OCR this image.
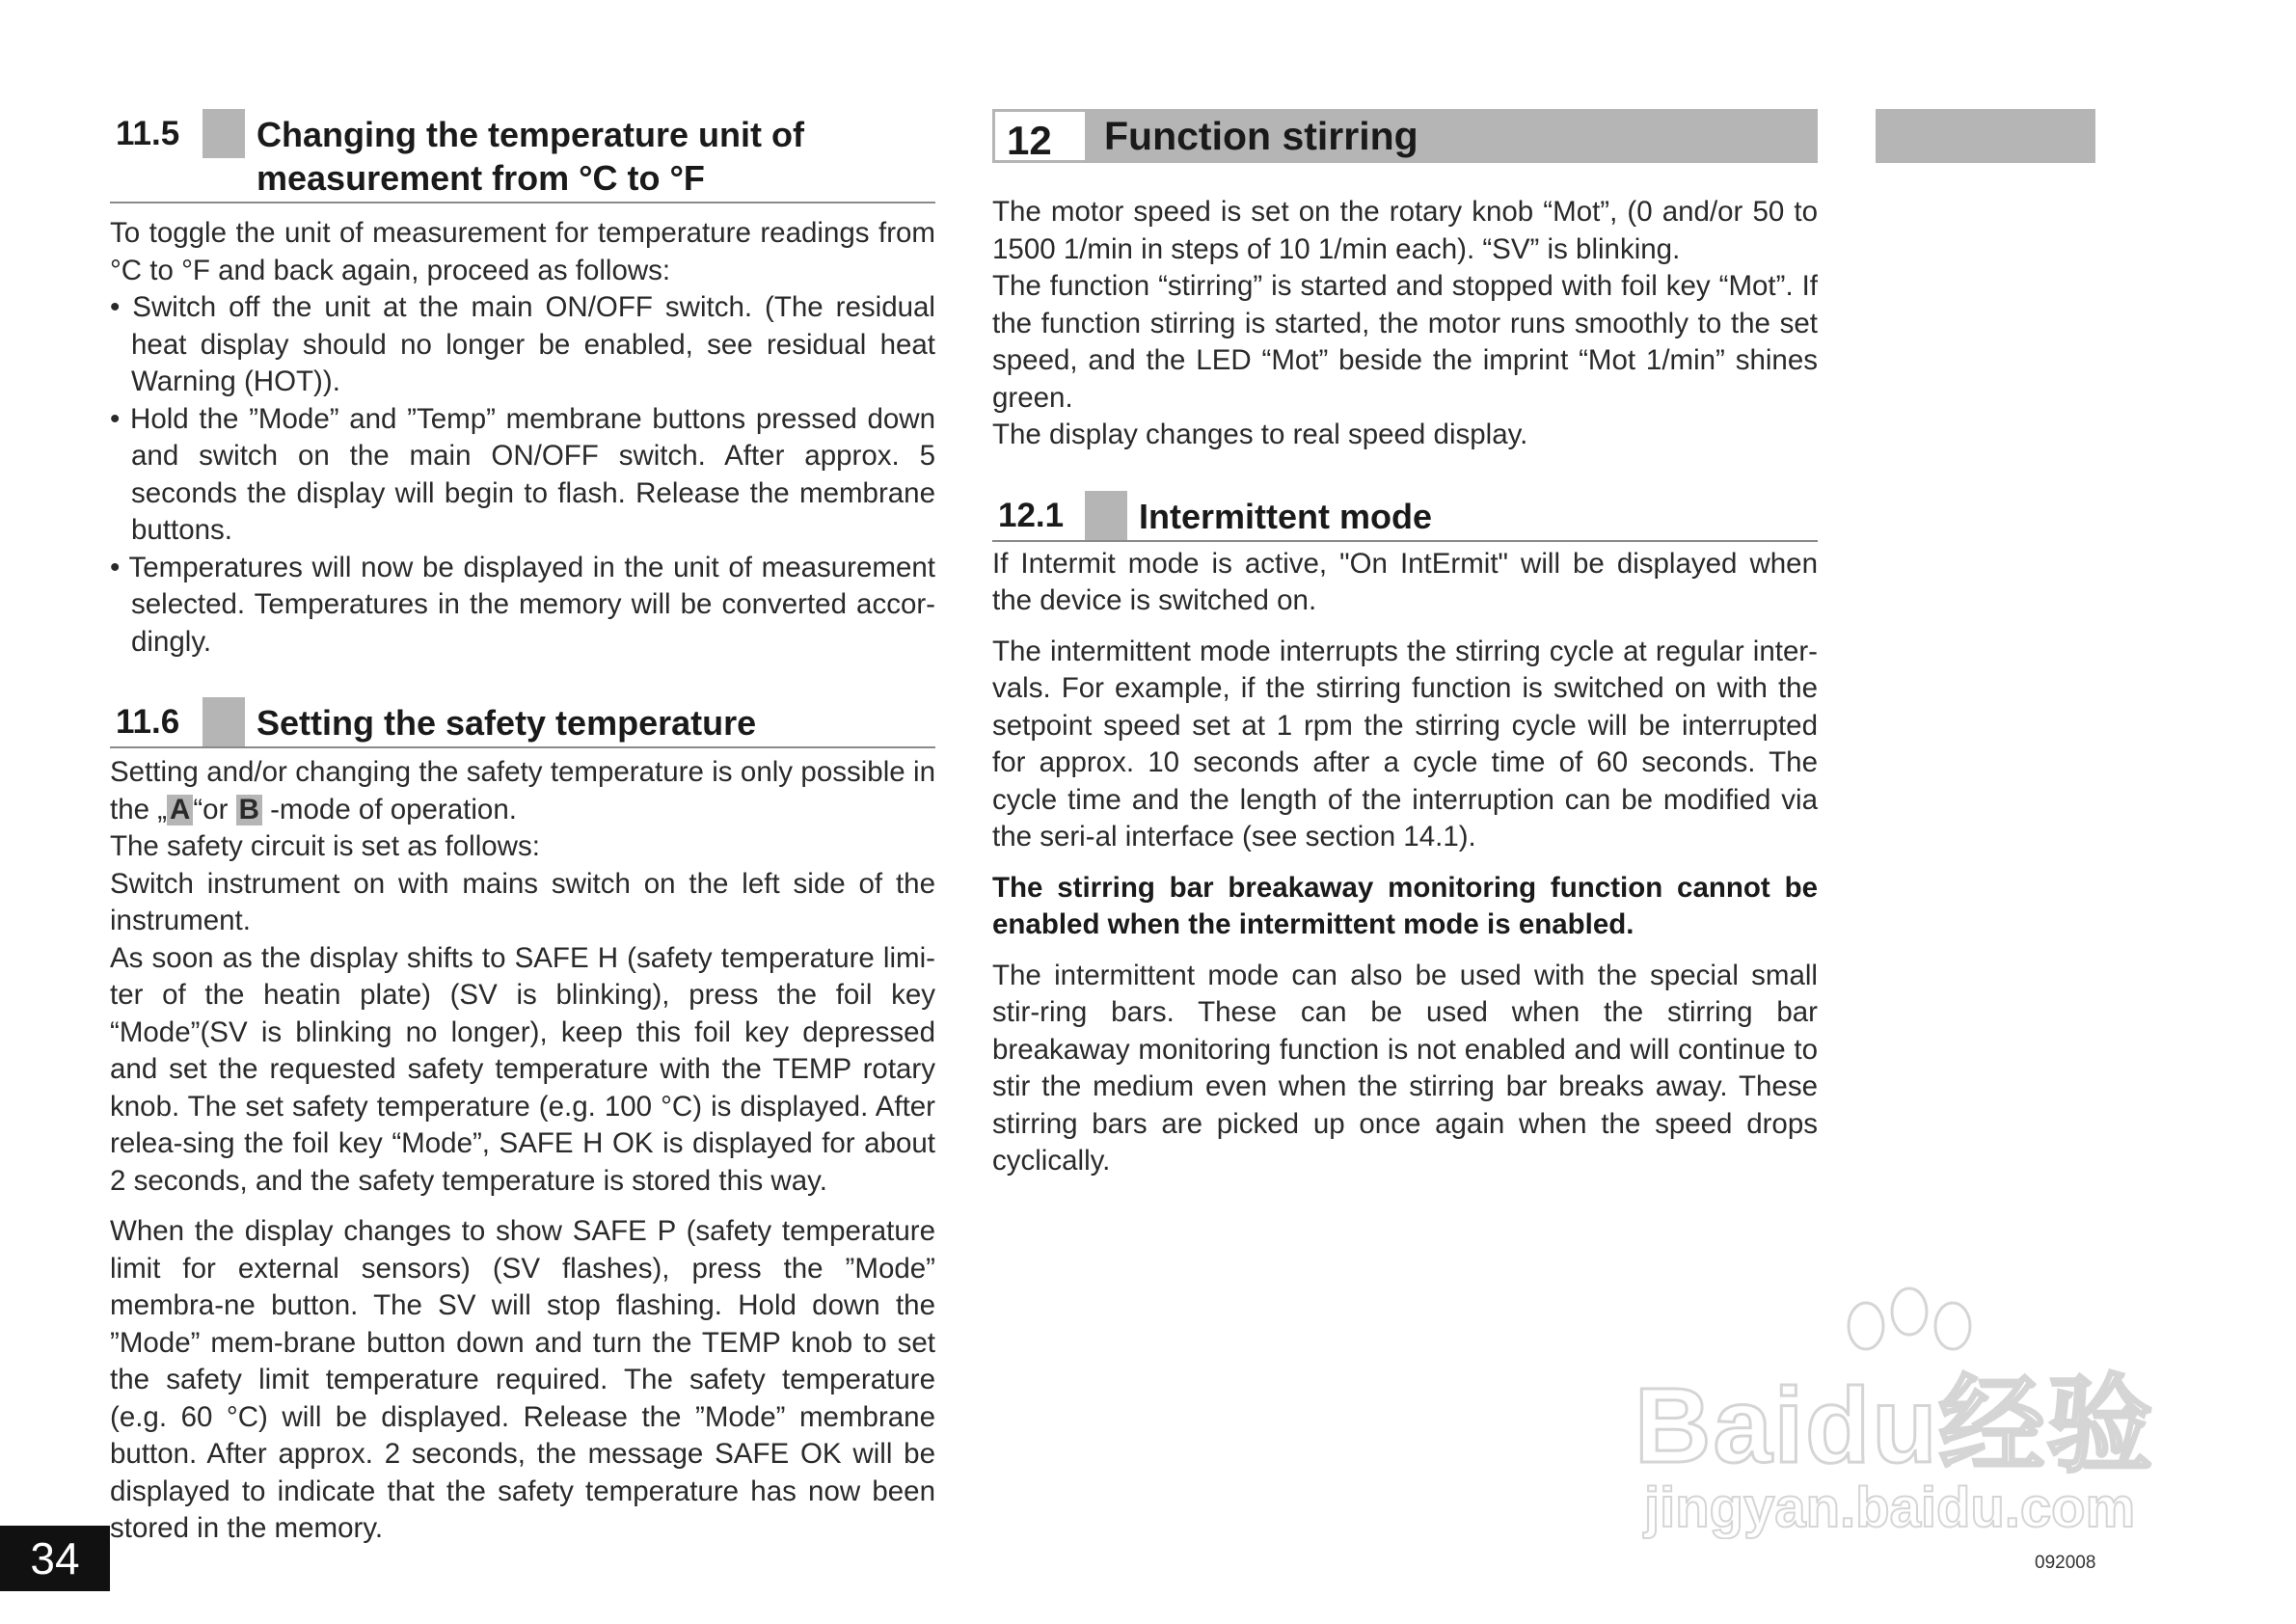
11.5	Changing the temperature unit of measurement from °C to °F

To toggle the unit of measurement for temperature readings from °C to °F and back again, proceed as follows:

• Switch off the unit at the main ON/OFF switch. (The residual heat display should no longer be enabled, see residual heat Warning (HOT)).

• Hold the ”Mode” and ”Temp” membrane buttons pressed down and switch on the main ON/OFF switch. After approx. 5 seconds the display will begin to flash. Release the membrane buttons.

• Temperatures will now be displayed in the unit of measurement selected. Temperatures in the memory will be converted accor-dingly.

11.6	Setting the safety temperature

Setting and/or changing the safety temperature is only possible in the „ A “or B -mode of operation.

The safety circuit is set as follows:

Switch instrument on with mains switch on the left side of the instrument.

As soon as the display shifts to SAFE H (safety temperature limi-ter of the heatin plate) (SV is blinking), press the foil key “Mode”(SV is blinking no longer), keep this foil key depressed and set the requested safety temperature with the TEMP rotary knob. The set safety temperature (e.g. 100 °C) is displayed. After relea-sing the foil key “Mode”, SAFE H OK is displayed for about 2 seconds, and the safety temperature is stored this way.

When the display changes to show SAFE P (safety temperature limit for external sensors) (SV flashes), press the ”Mode” membra-ne button. The SV will stop flashing. Hold down the ”Mode” mem-brane button down and turn the TEMP knob to set the safety limit temperature required. The safety temperature (e.g. 60 °C) will be displayed. Release the ”Mode” membrane button. After approx. 2 seconds, the message SAFE OK will be displayed to indicate that the safety temperature has now been stored in the memory.

12	Function stirring

The motor speed is set on the rotary knob “Mot”, (0 and/or 50 to 1500 1/min in steps of 10 1/min each). “SV” is blinking.

The function “stirring” is started and stopped with foil key “Mot”. If the function stirring is started, the motor runs smoothly to the set speed, and the LED “Mot” beside the imprint “Mot 1/min” shines green.

The display changes to real speed display.

12.1	Intermittent mode

If Intermit mode is active, "On IntErmit" will be displayed when the device is switched on.

The intermittent mode interrupts the stirring cycle at regular inter-vals. For example, if the stirring function is switched on with the setpoint speed set at 1 rpm the stirring cycle will be interrupted for approx. 10 seconds after a cycle time of 60 seconds. The cycle time and the length of the interruption can be modified via the seri-al interface (see section 14.1).

The stirring bar breakaway monitoring function cannot be enabled when the intermittent mode is enabled.

The intermittent mode can also be used with the special small stir-ring bars. These can be used when the stirring bar breakaway monitoring function is not enabled and will continue to stir the medium even when the stirring bar breaks away. These stirring bars are picked up once again when the speed drops cyclically.

Baidu经验
jingyan.baidu.com
34	092008
